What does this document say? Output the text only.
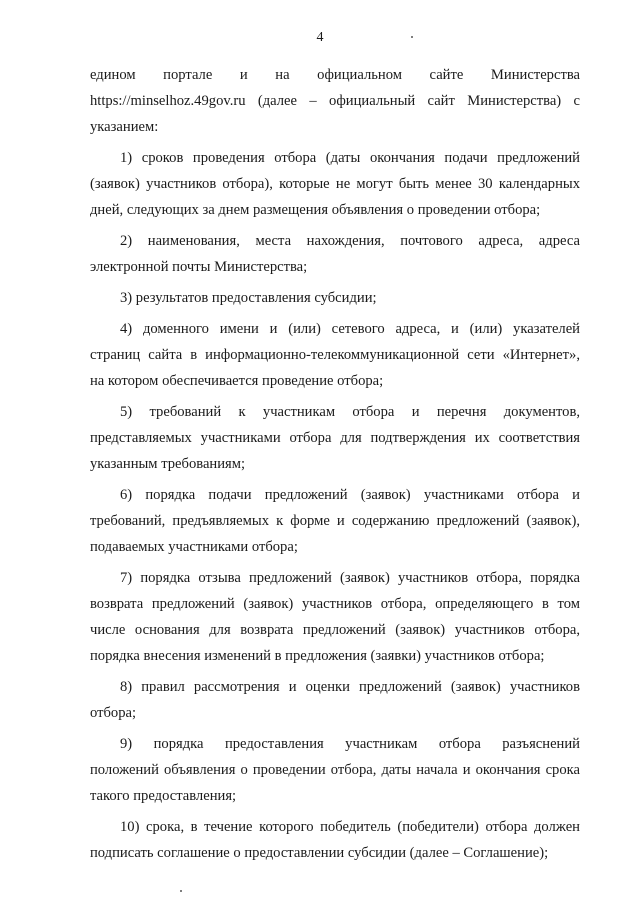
4

едином портале и на официальном сайте Министерства
https://minselhoz.49gov.ru (далее – официальный сайт Министерства) с
указанием:

1) сроков проведения отбора (даты окончания подачи предложений
(заявок) участников отбора), которые не могут быть менее 30 календарных
дней, следующих за днем размещения объявления о проведении отбора;

2) наименования, места нахождения, почтового адреса, адреса
электронной почты Министерства;

3) результатов предоставления субсидии;

4) доменного имени и (или) сетевого адреса, и (или) указателей
страниц сайта в информационно-телекоммуникационной сети «Интернет»,
на котором обеспечивается проведение отбора;

5) требований к участникам отбора и перечня документов,
представляемых участниками отбора для подтверждения их соответствия
указанным требованиям;

6) порядка подачи предложений (заявок) участниками отбора и
требований, предъявляемых к форме и содержанию предложений (заявок),
подаваемых участниками отбора;

7) порядка отзыва предложений (заявок) участников отбора, порядка
возврата предложений (заявок) участников отбора, определяющего в том
числе основания для возврата предложений (заявок) участников отбора,
порядка внесения изменений в предложения (заявки) участников отбора;

8) правил рассмотрения и оценки предложений (заявок) участников
отбора;

9) порядка предоставления участникам отбора разъяснений
положений объявления о проведении отбора, даты начала и окончания срока
такого предоставления;

10) срока, в течение которого победитель (победители) отбора должен
подписать соглашение о предоставлении субсидии (далее – Соглашение);
